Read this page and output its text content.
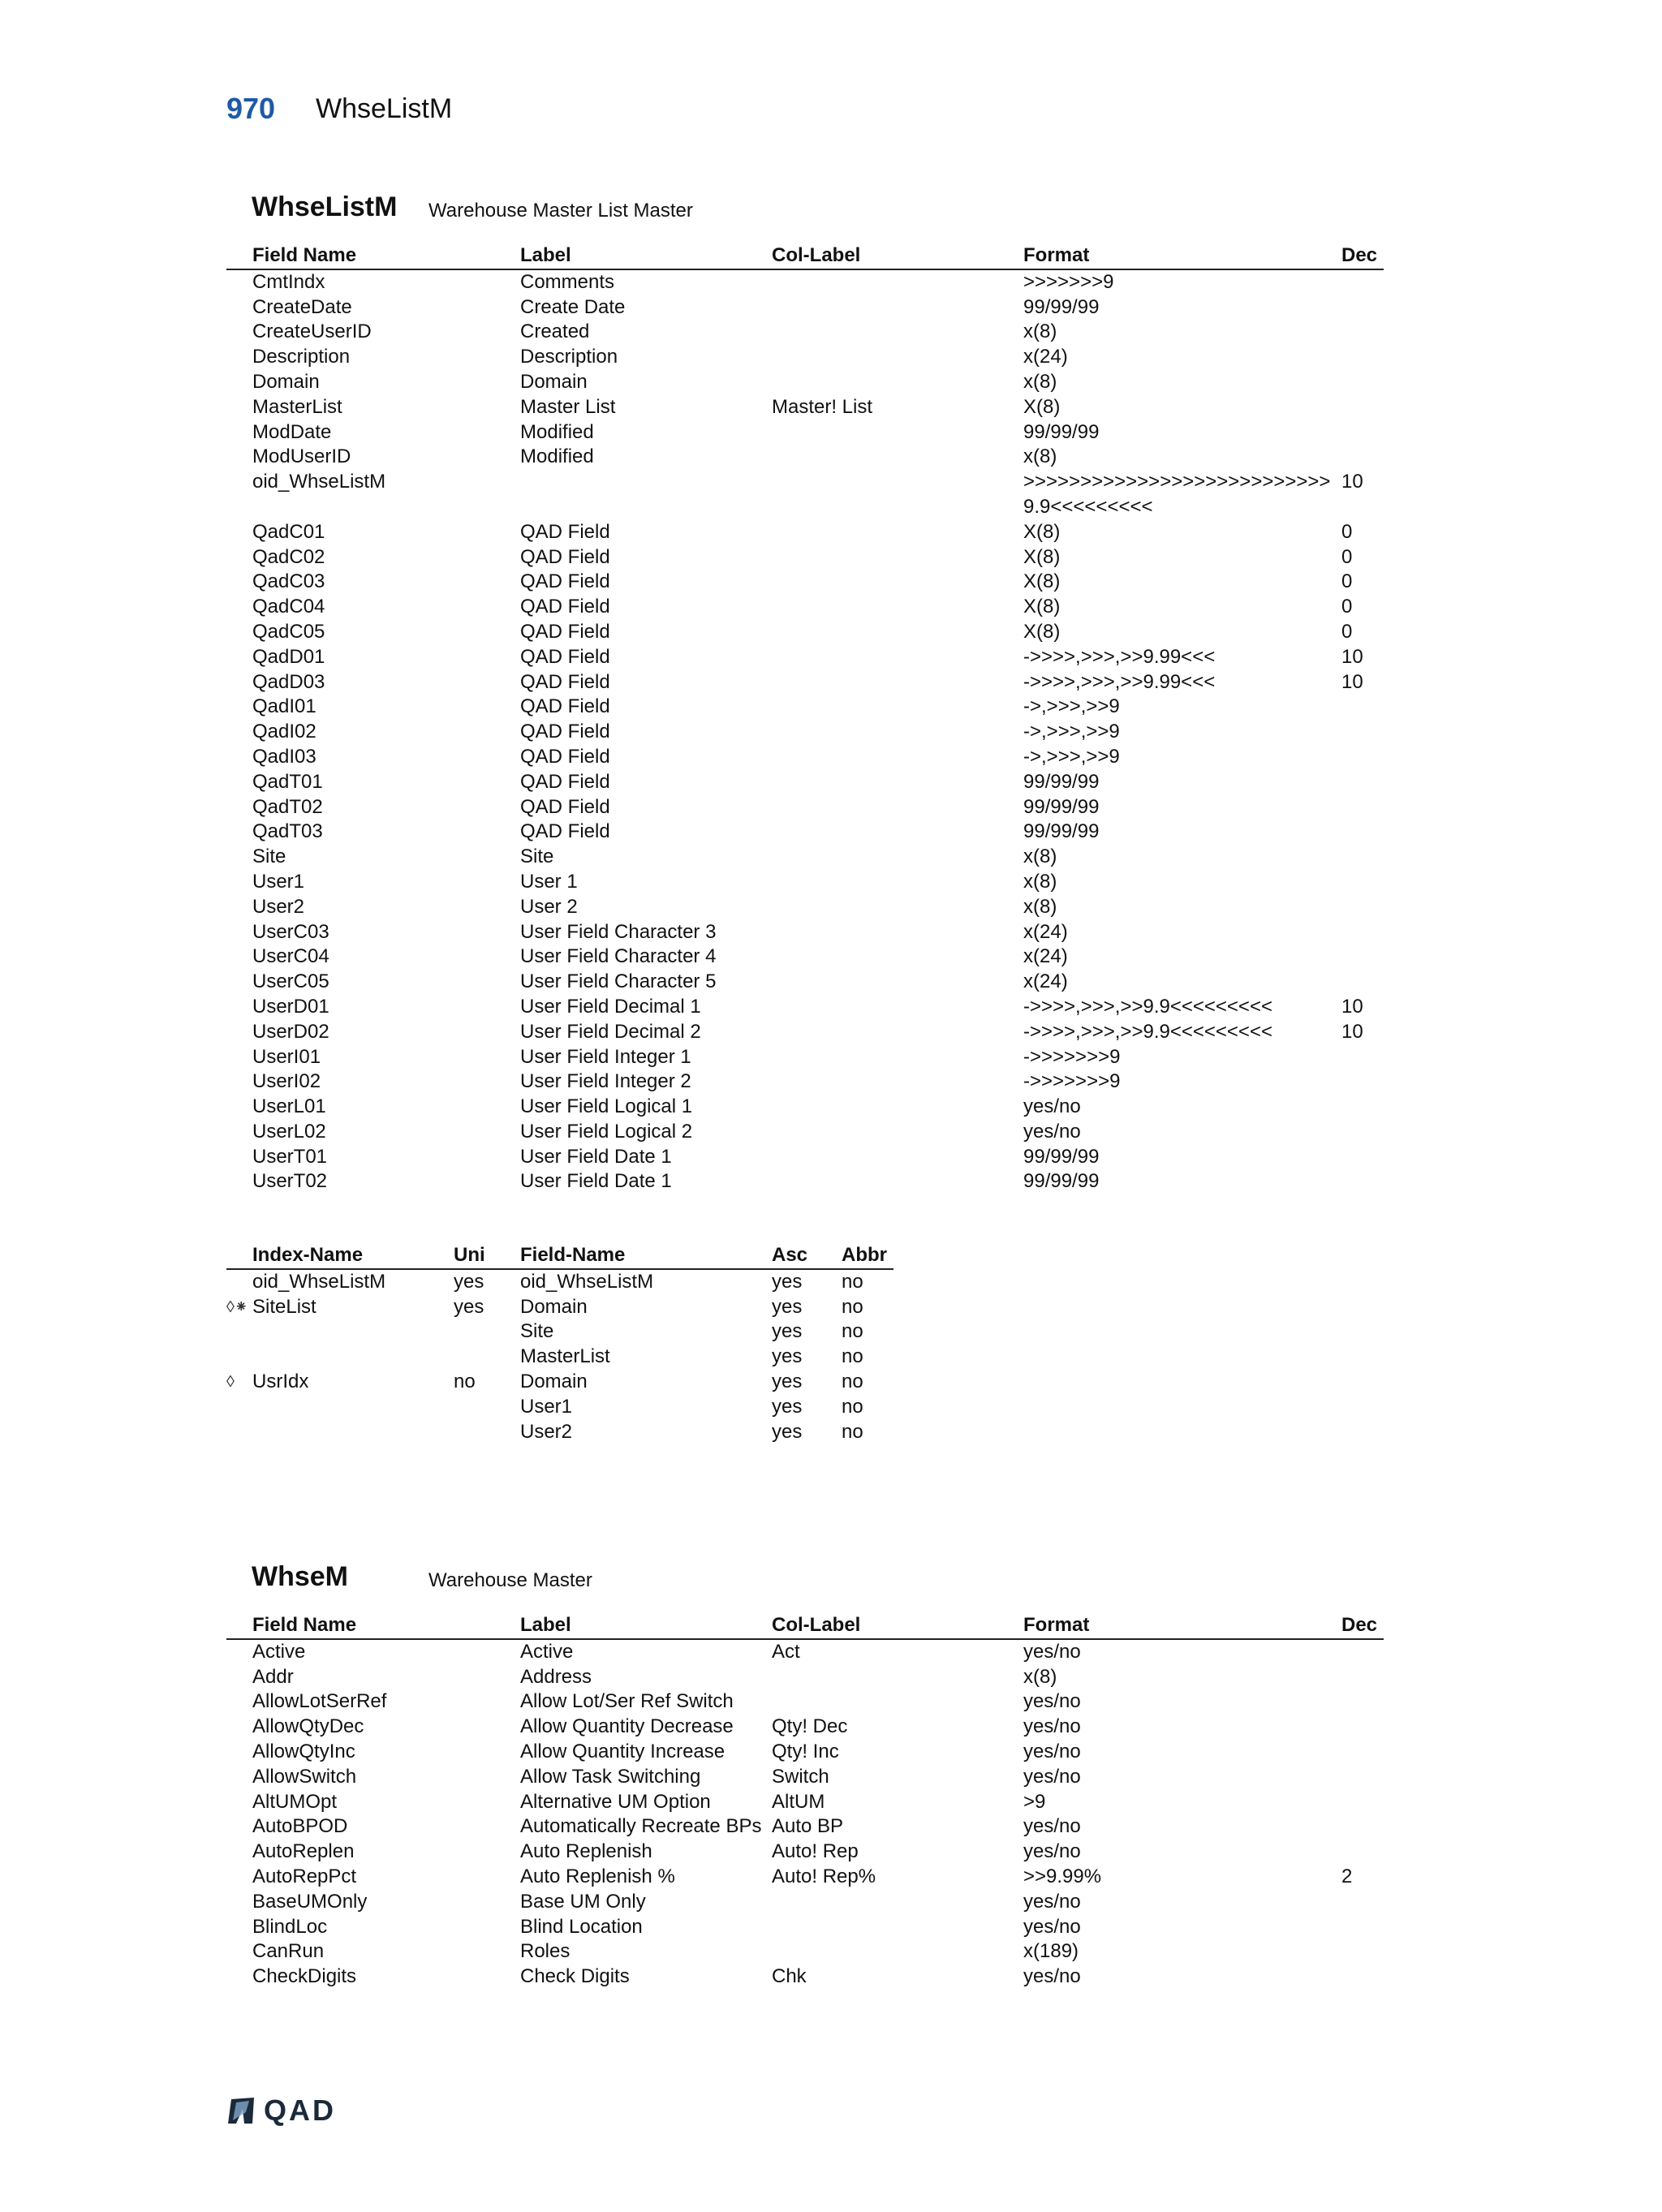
970	WhseListM
WhseListM Warehouse Master List Master
	Field Name	Label	Col-Label	Format	Dec
	CmtIndx	Comments		>>>>>>>9	
	CreateDate	Create Date		99/99/99	
	CreateUserID	Created		x(8)	
	Description	Description		x(24)	
	Domain	Domain		x(8)	
	MasterList	Master List	Master! List	X(8)	
	ModDate	Modified		99/99/99	
	ModUserID	Modified		x(8)	
	oid_WhseListM			>>>>>>>>>>>>>>>>>>>>>>>>>>>9.9<<<<<<<<<	10
	QadC01	QAD Field		X(8)	0
	QadC02	QAD Field		X(8)	0
	QadC03	QAD Field		X(8)	0
	QadC04	QAD Field		X(8)	0
	QadC05	QAD Field		X(8)	0
	QadD01	QAD Field		->>>>,>>>,>>9.99<<<	10
	QadD03	QAD Field		->>>>,>>>,>>9.99<<<	10
	QadI01	QAD Field		->,>>>,>>9	
	QadI02	QAD Field		->,>>>,>>9	
	QadI03	QAD Field		->,>>>,>>9	
	QadT01	QAD Field		99/99/99	
	QadT02	QAD Field		99/99/99	
	QadT03	QAD Field		99/99/99	
	Site	Site		x(8)	
	User1	User 1		x(8)	
	User2	User 2		x(8)	
	UserC03	User Field Character 3		x(24)	
	UserC04	User Field Character 4		x(24)	
	UserC05	User Field Character 5		x(24)	
	UserD01	User Field Decimal 1		->>>>,>>>,>>9.9<<<<<<<<<	10
	UserD02	User Field Decimal 2		->>>>,>>>,>>9.9<<<<<<<<<	10
	UserI01	User Field Integer 1		->>>>>>>9	
	UserI02	User Field Integer 2		->>>>>>>9	
	UserL01	User Field Logical 1		yes/no	
	UserL02	User Field Logical 2		yes/no	
	UserT01	User Field Date 1		99/99/99	
	UserT02	User Field Date 1		99/99/99	
	Index-Name	Uni	Field-Name	Asc	Abbr
	oid_WhseListM	yes	oid_WhseListM	yes	no
◊⁕	SiteList	yes	Domain	yes	no
			Site	yes	no
			MasterList	yes	no
◊	UsrIdx	no	Domain	yes	no
			User1	yes	no
			User2	yes	no
WhseM	Warehouse Master
	Field Name	Label	Col-Label	Format	Dec
	Active	Active	Act	yes/no	
	Addr	Address		x(8)	
	AllowLotSerRef	Allow Lot/Ser Ref Switch		yes/no	
	AllowQtyDec	Allow Quantity Decrease	Qty! Dec	yes/no	
	AllowQtyInc	Allow Quantity Increase	Qty! Inc	yes/no	
	AllowSwitch	Allow Task Switching	Switch	yes/no	
	AltUMOpt	Alternative UM Option	AltUM	>9	
	AutoBPOD	Automatically Recreate BPs	Auto BP	yes/no	
	AutoReplen	Auto Replenish	Auto! Rep	yes/no	
	AutoRepPct	Auto Replenish %	Auto! Rep%	>>9.99%	2
	BaseUMOnly	Base UM Only		yes/no	
	BlindLoc	Blind Location		yes/no	
	CanRun	Roles		x(189)	
	CheckDigits	Check Digits	Chk	yes/no	
QAD
